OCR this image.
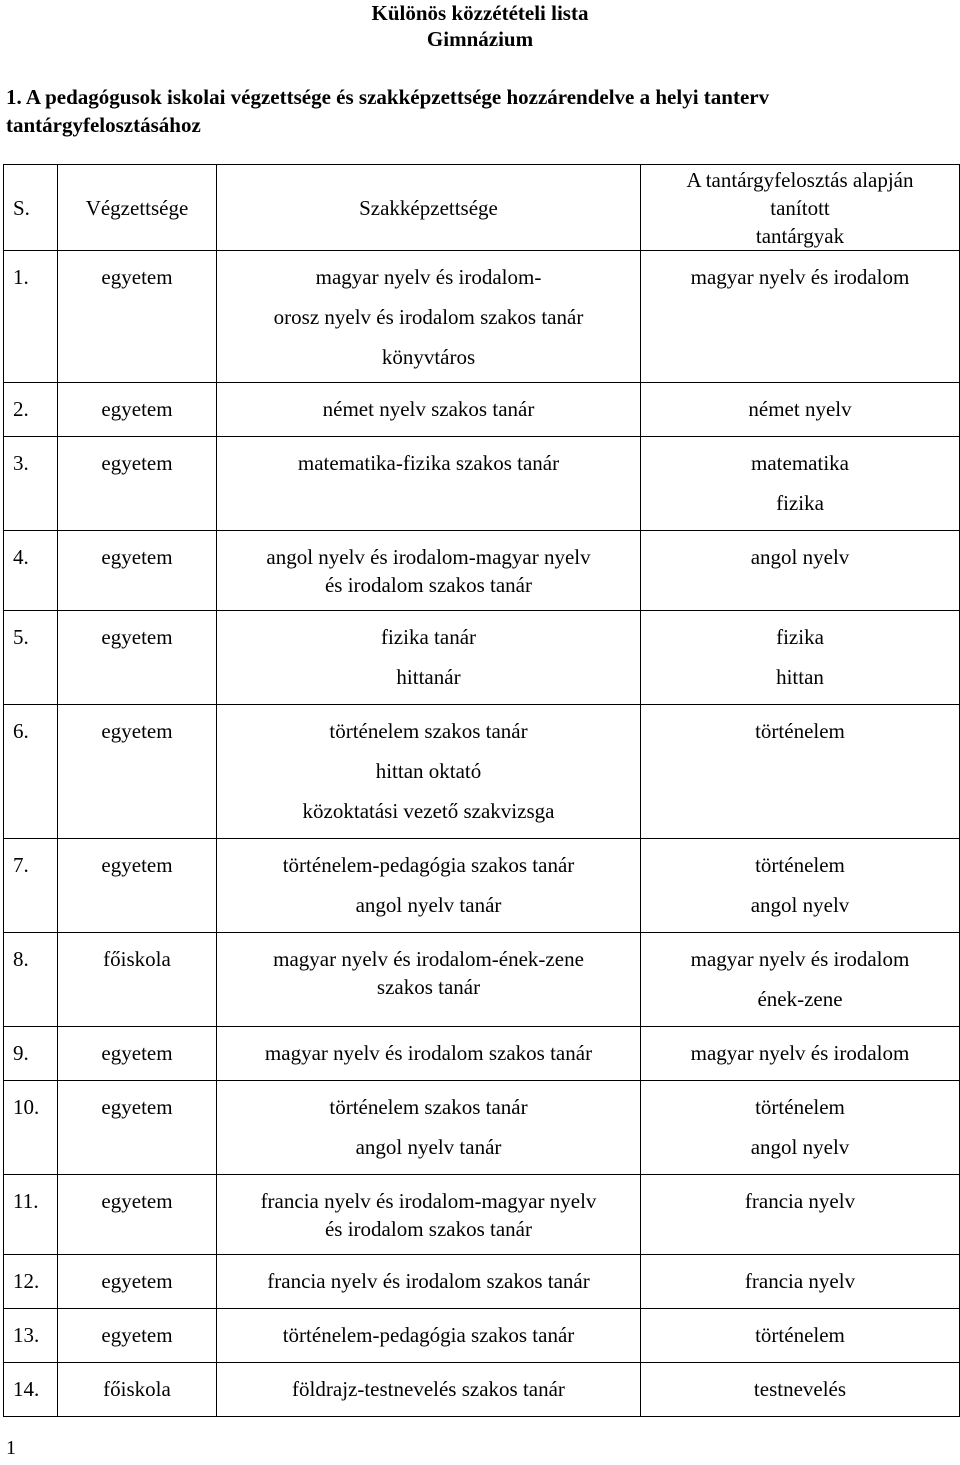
Különös közzétételi lista
Gimnázium
1. A pedagógusok iskolai végzettsége és szakképzettsége hozzárendelve a helyi tanterv tantárgyfelosztásához
S.	Végzettsége	Szakképzettsége	A tantárgyfelosztás alapján
tanított
tantárgyak

1.	egyetem	magyar nyelv és irodalom-
orosz nyelv és irodalom szakos tanár
könyvtáros	magyar nyelv és irodalom

2.	egyetem	német nyelv szakos tanár	német nyelv

3.	egyetem	matematika-fizika szakos tanár	matematika
fizika

4.	egyetem	angol nyelv és irodalom-magyar nyelv
és irodalom szakos tanár	angol nyelv

5.	egyetem	fizika tanár
hittanár	fizika
hittan

6.	egyetem	történelem szakos tanár
hittan oktató
közoktatási vezető szakvizsga	történelem

7.	egyetem	történelem-pedagógia szakos tanár
angol nyelv tanár	történelem
angol nyelv

8.	főiskola	magyar nyelv és irodalom-ének-zene
szakos tanár	magyar nyelv és irodalom
ének-zene

9.	egyetem	magyar nyelv és irodalom szakos tanár	magyar nyelv és irodalom

10.	egyetem	történelem szakos tanár
angol nyelv tanár	történelem
angol nyelv

11.	egyetem	francia nyelv és irodalom-magyar nyelv
és irodalom szakos tanár	francia nyelv

12.	egyetem	francia nyelv és irodalom szakos tanár	francia nyelv

13.	egyetem	történelem-pedagógia szakos tanár	történelem

14.	főiskola	földrajz-testnevelés szakos tanár	testnevelés
1
